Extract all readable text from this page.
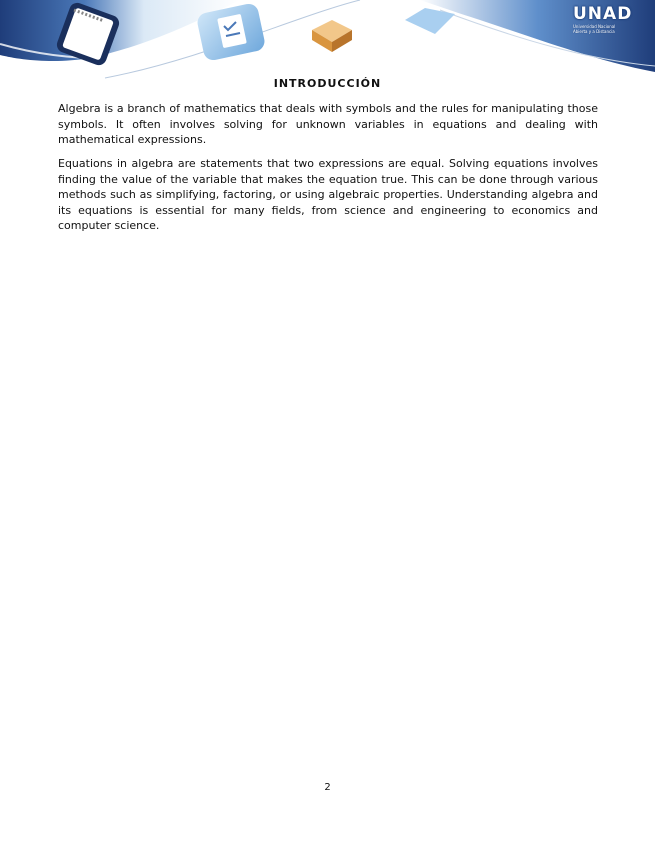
UNAD
Universidad Nacional
Abierta y a Distancia
INTRODUCCIÓN

Algebra is a branch of mathematics that deals with symbols and the rules for manipulating those symbols. It often involves solving for unknown variables in equations and dealing with mathematical expressions.

Equations in algebra are statements that two expressions are equal. Solving equations involves finding the value of the variable that makes the equation true. This can be done through various methods such as simplifying, factoring, or using algebraic properties. Understanding algebra and its equations is essential for many fields, from science and engineering to economics and computer science.

2
